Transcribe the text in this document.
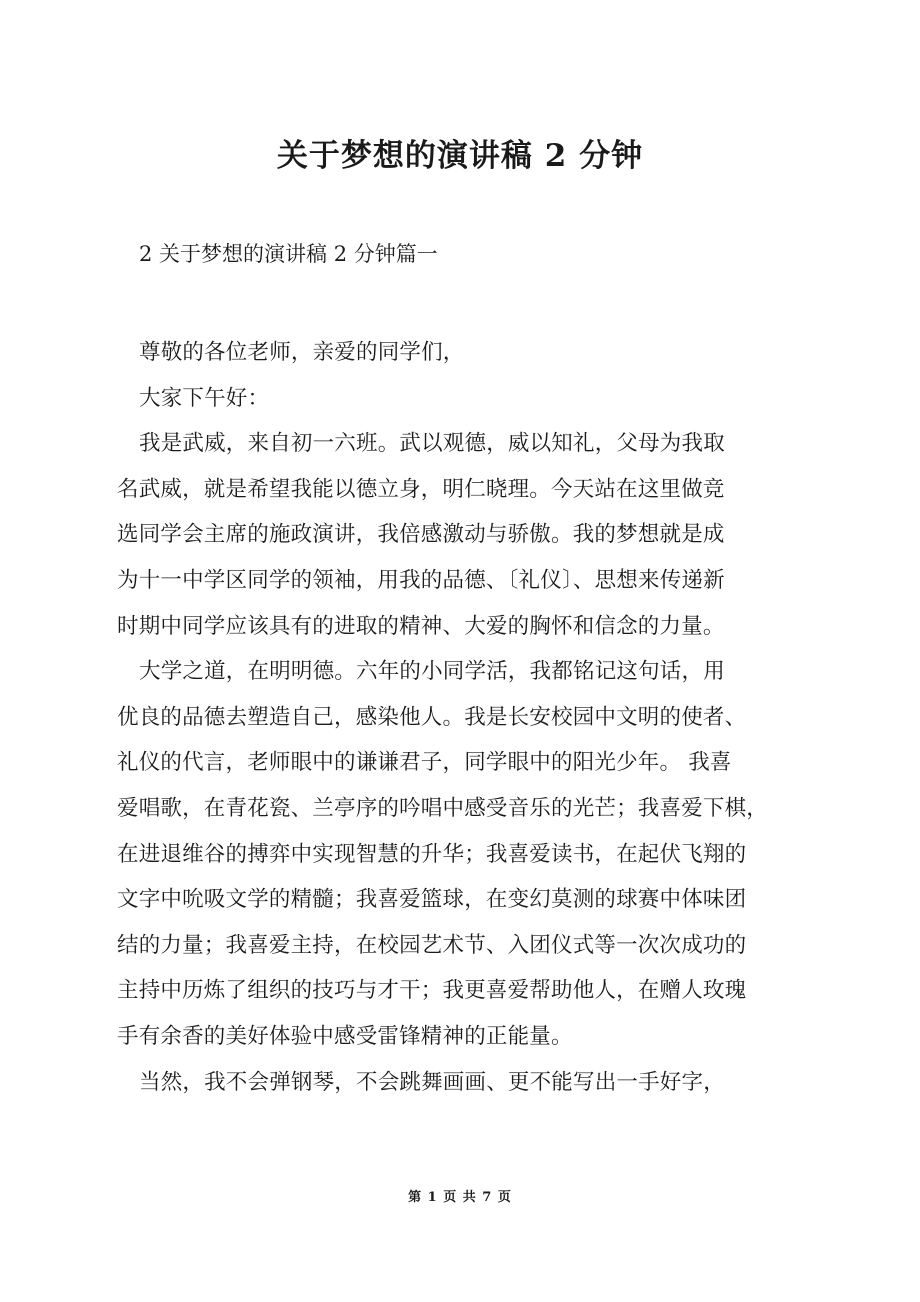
关于梦想的演讲稿 2 分钟

2 关于梦想的演讲稿 2 分钟篇一

尊敬的各位老师，亲爱的同学们，
大家下午好：
我是武威，来自初一六班。武以观德，威以知礼，父母为我取
名武威，就是希望我能以德立身，明仁晓理。今天站在这里做竞
选同学会主席的施政演讲，我倍感激动与骄傲。我的梦想就是成
为十一中学区同学的领袖，用我的品德、〔礼仪〕、思想来传递新
时期中同学应该具有的进取的精神、大爱的胸怀和信念的力量。
大学之道，在明明德。六年的小同学活，我都铭记这句话，用
优良的品德去塑造自己，感染他人。我是长安校园中文明的使者、
礼仪的代言，老师眼中的谦谦君子，同学眼中的阳光少年。 我喜
爱唱歌，在青花瓷、兰亭序的吟唱中感受音乐的光芒；我喜爱下棋，
在进退维谷的搏弈中实现智慧的升华；我喜爱读书，在起伏飞翔的
文字中吮吸文学的精髓；我喜爱篮球，在变幻莫测的球赛中体味团
结的力量；我喜爱主持，在校园艺术节、入团仪式等一次次成功的
主持中历炼了组织的技巧与才干；我更喜爱帮助他人，在赠人玫瑰
手有余香的美好体验中感受雷锋精神的正能量。
当然，我不会弹钢琴，不会跳舞画画、更不能写出一手好字，
第 1 页 共 7 页
